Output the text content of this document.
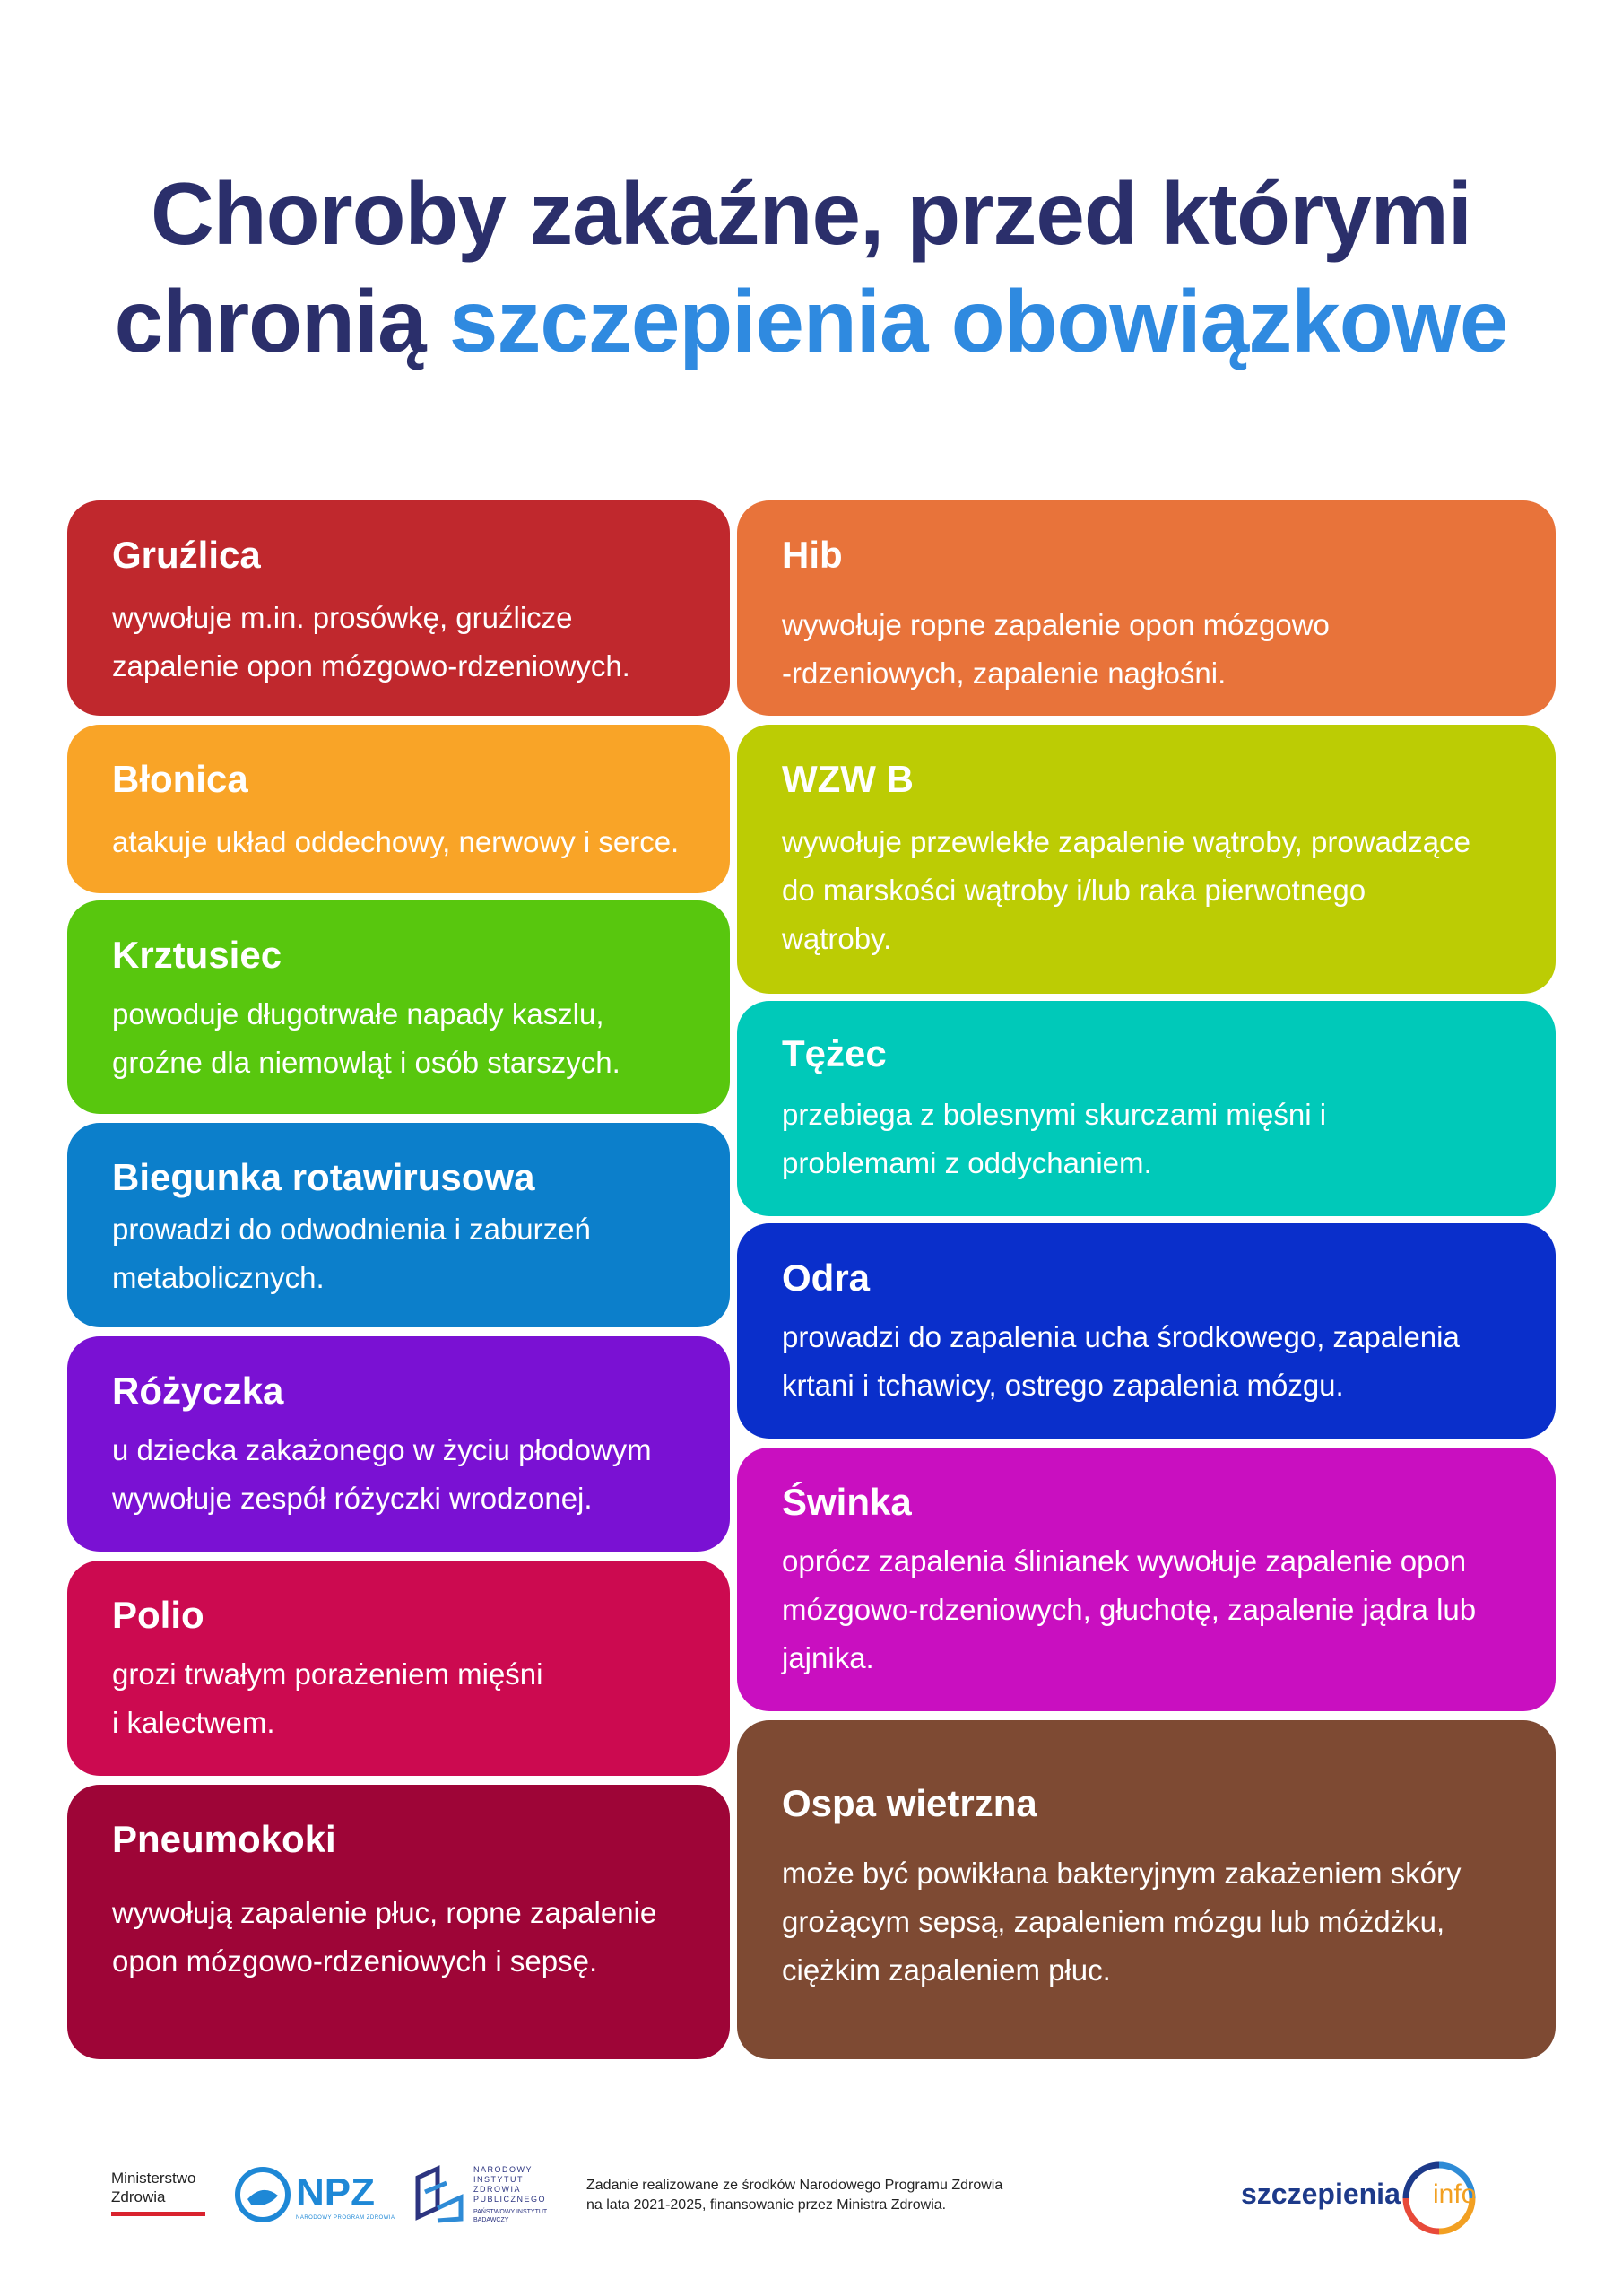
Choroby zakaźne, przed którymi
chronią szczepienia obowiązkowe
Gruźlica
wywołuje m.in. prosówkę, gruźlicze zapalenie opon mózgowo-rdzeniowych.
Błonica
atakuje układ oddechowy, nerwowy i serce.
Krztusiec
powoduje długotrwałe napady kaszlu, groźne dla niemowląt i osób starszych.
Biegunka rotawirusowa
prowadzi do odwodnienia i zaburzeń metabolicznych.
Różyczka
u dziecka zakażonego w życiu płodowym wywołuje zespół różyczki wrodzonej.
Polio
grozi trwałym porażeniem mięśni
i kalectwem.
Pneumokoki
wywołują zapalenie płuc, ropne zapalenie opon mózgowo-rdzeniowych i sepsę.
Hib
wywołuje ropne zapalenie opon mózgowo
-rdzeniowych, zapalenie nagłośni.
WZW B
wywołuje przewlekłe zapalenie wątroby, prowadzące do marskości wątroby i/lub raka pierwotnego wątroby.
Tężec
przebiega z bolesnymi skurczami mięśni i problemami z oddychaniem.
Odra
prowadzi do zapalenia ucha środkowego, zapalenia krtani i tchawicy, ostrego zapalenia mózgu.
Świnka
oprócz zapalenia ślinianek wywołuje zapalenie opon mózgowo-rdzeniowych, głuchotę, zapalenie jądra lub jajnika.
Ospa wietrzna
może być powikłana bakteryjnym zakażeniem skóry grożącym sepsą, zapaleniem mózgu lub móżdżku, ciężkim zapaleniem płuc.
Ministerstwo
Zdrowia	NPZ
NARODOWY PROGRAM ZDROWIA
NARODOWY
INSTYTUT
ZDROWIA
PUBLICZNEGO
PAŃSTWOWY INSTYTUT
BADAWCZY
Zadanie realizowane ze środków Narodowego Programu Zdrowia
na lata 2021-2025, finansowanie przez Ministra Zdrowia.	szczepienia info
